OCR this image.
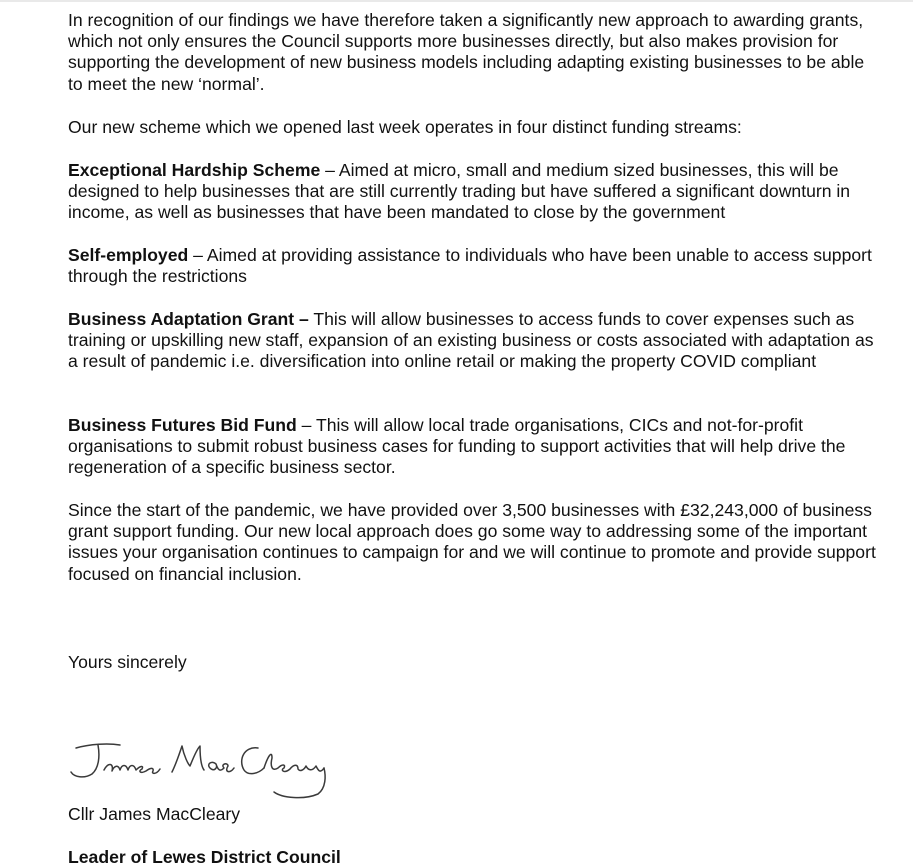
In recognition of our findings we have therefore taken a significantly new approach to awarding grants, which not only ensures the Council supports more businesses directly, but also makes provision for supporting the development of new business models including adapting existing businesses to be able to meet the new ‘normal’.

Our new scheme which we opened last week operates in four distinct funding streams:

Exceptional Hardship Scheme – Aimed at micro, small and medium sized businesses, this will be designed to help businesses that are still currently trading but have suffered a significant downturn in income, as well as businesses that have been mandated to close by the government

Self-employed – Aimed at providing assistance to individuals who have been unable to access support through the restrictions

Business Adaptation Grant – This will allow businesses to access funds to cover expenses such as training or upskilling new staff, expansion of an existing business or costs associated with adaptation as a result of pandemic i.e. diversification into online retail or making the property COVID compliant

Business Futures Bid Fund – This will allow local trade organisations, CICs and not-for-profit organisations to submit robust business cases for funding to support activities that will help drive the regeneration of a specific business sector.

Since the start of the pandemic, we have provided over 3,500 businesses with £32,243,000 of business grant support funding. Our new local approach does go some way to addressing some of the important issues your organisation continues to campaign for and we will continue to promote and provide support focused on financial inclusion.

Yours sincerely

Cllr James MacCleary

Leader of Lewes District Council
